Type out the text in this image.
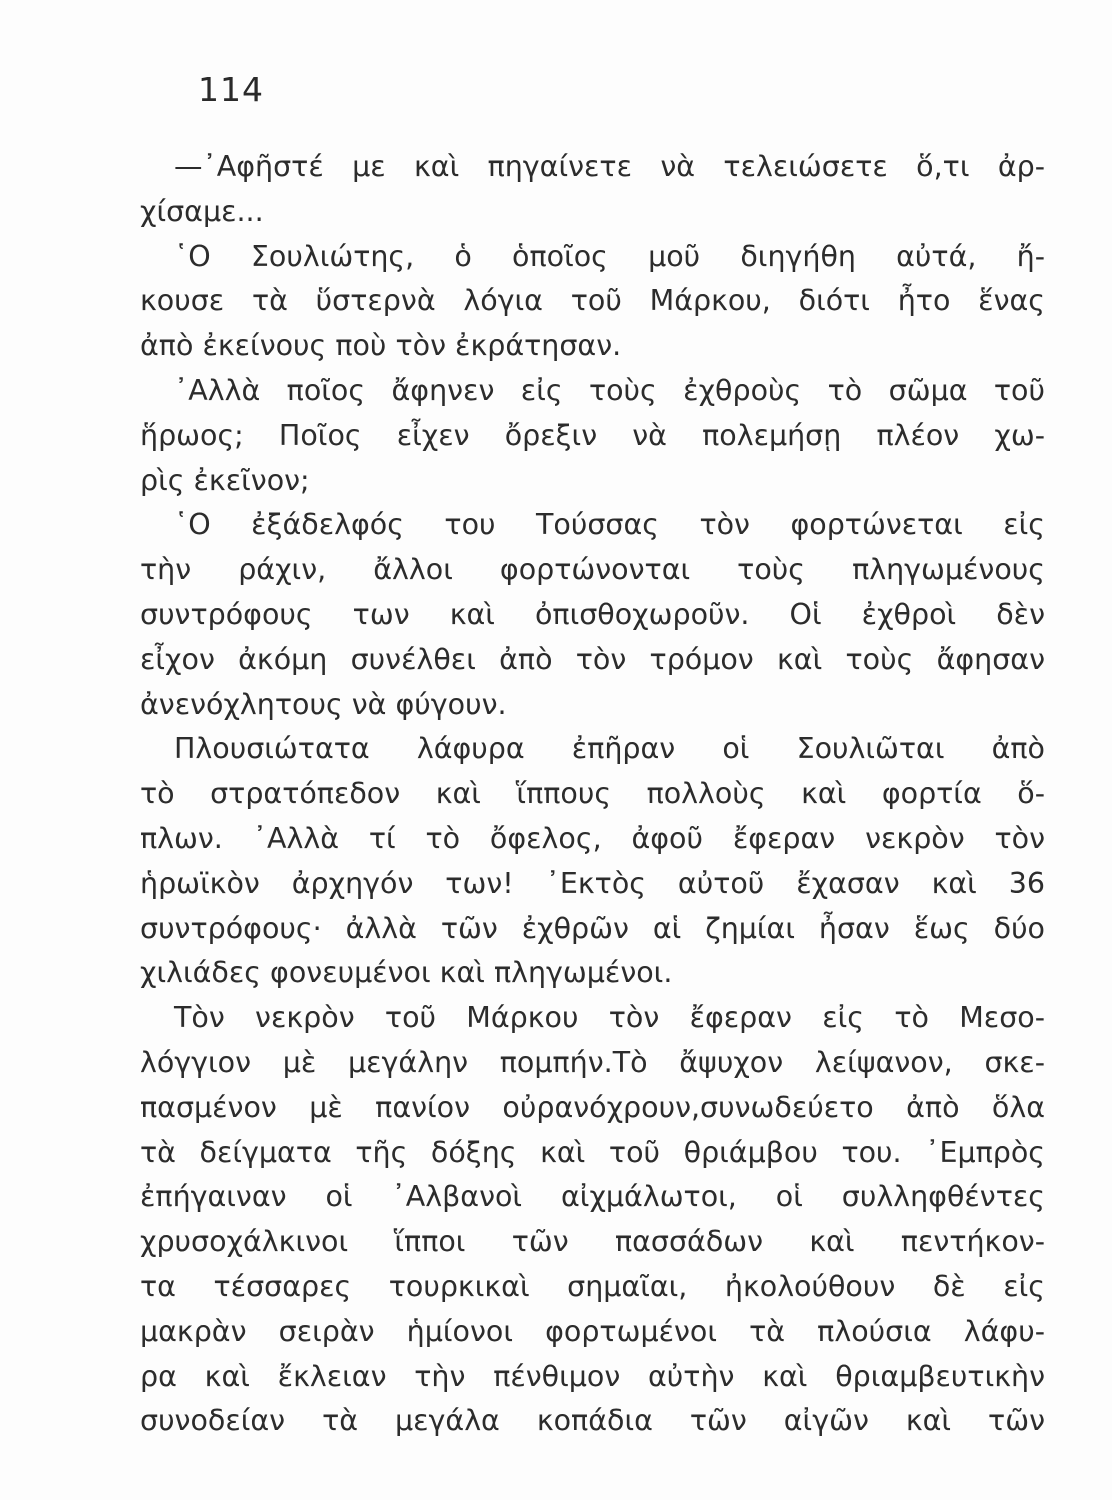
114
—᾿Αφῆστέ με καὶ πηγαίνετε νὰ τελειώσετε ὅ,τι ἀρ-
χίσαμε...
῾Ο Σουλιώτης, ὁ ὁποῖος μοῦ διηγήθη αὐτά, ἤ-
κουσε τὰ ὕστερνὰ λόγια τοῦ Μάρκου, διότι ἦτο ἕνας
ἀπὸ ἐκείνους ποὺ τὸν ἐκράτησαν.
᾿Αλλὰ ποῖος ἄφηνεν εἰς τοὺς ἐχθροὺς τὸ σῶμα τοῦ
ἥρωος; Ποῖος εἶχεν ὄρεξιν νὰ πολεμήσῃ πλέον χω-
ρὶς ἐκεῖνον;
῾Ο ἐξάδελφός του Τούσσας τὸν φορτώνεται εἰς
τὴν ράχιν, ἄλλοι φορτώνονται τοὺς πληγωμένους
συντρόφους των καὶ ὀπισθοχωροῦν. Οἱ ἐχθροὶ δὲν
εἶχον ἀκόμη συνέλθει ἀπὸ τὸν τρόμον καὶ τοὺς ἄφησαν
ἀνενόχλητους νὰ φύγουν.
Πλουσιώτατα λάφυρα ἐπῆραν οἱ Σουλιῶται ἀπὸ
τὸ στρατόπεδον καὶ ἵππους πολλοὺς καὶ φορτία ὅ-
πλων. ᾿Αλλὰ τί τὸ ὄφελος, ἀφοῦ ἔφεραν νεκρὸν τὸν
ἡρωϊκὸν ἀρχηγόν των! ᾿Εκτὸς αὐτοῦ ἔχασαν καὶ 36
συντρόφους· ἀλλὰ τῶν ἐχθρῶν αἱ ζημίαι ἦσαν ἕως δύο
χιλιάδες φονευμένοι καὶ πληγωμένοι.
Τὸν νεκρὸν τοῦ Μάρκου τὸν ἔφεραν εἰς τὸ Μεσο-
λόγγιον μὲ μεγάλην πομπήν.Τὸ ἄψυχον λείψανον, σκε-
πασμένον μὲ πανίον οὐρανόχρουν,συνωδεύετο ἀπὸ ὅλα
τὰ δείγματα τῆς δόξης καὶ τοῦ θριάμβου του. ᾿Εμπρὸς
ἐπήγαιναν οἱ ᾿Αλβανοὶ αἰχμάλωτοι, οἱ συλληφθέντες
χρυσοχάλκινοι ἵπποι τῶν πασσάδων καὶ πεντήκον-
τα τέσσαρες τουρκικαὶ σημαῖαι, ἠκολούθουν δὲ εἰς
μακρὰν σειρὰν ἡμίονοι φορτωμένοι τὰ πλούσια λάφυ-
ρα καὶ ἔκλειαν τὴν πένθιμον αὐτὴν καὶ θριαμβευτικὴν
συνοδείαν τὰ μεγάλα κοπάδια τῶν αἰγῶν καὶ τῶν
